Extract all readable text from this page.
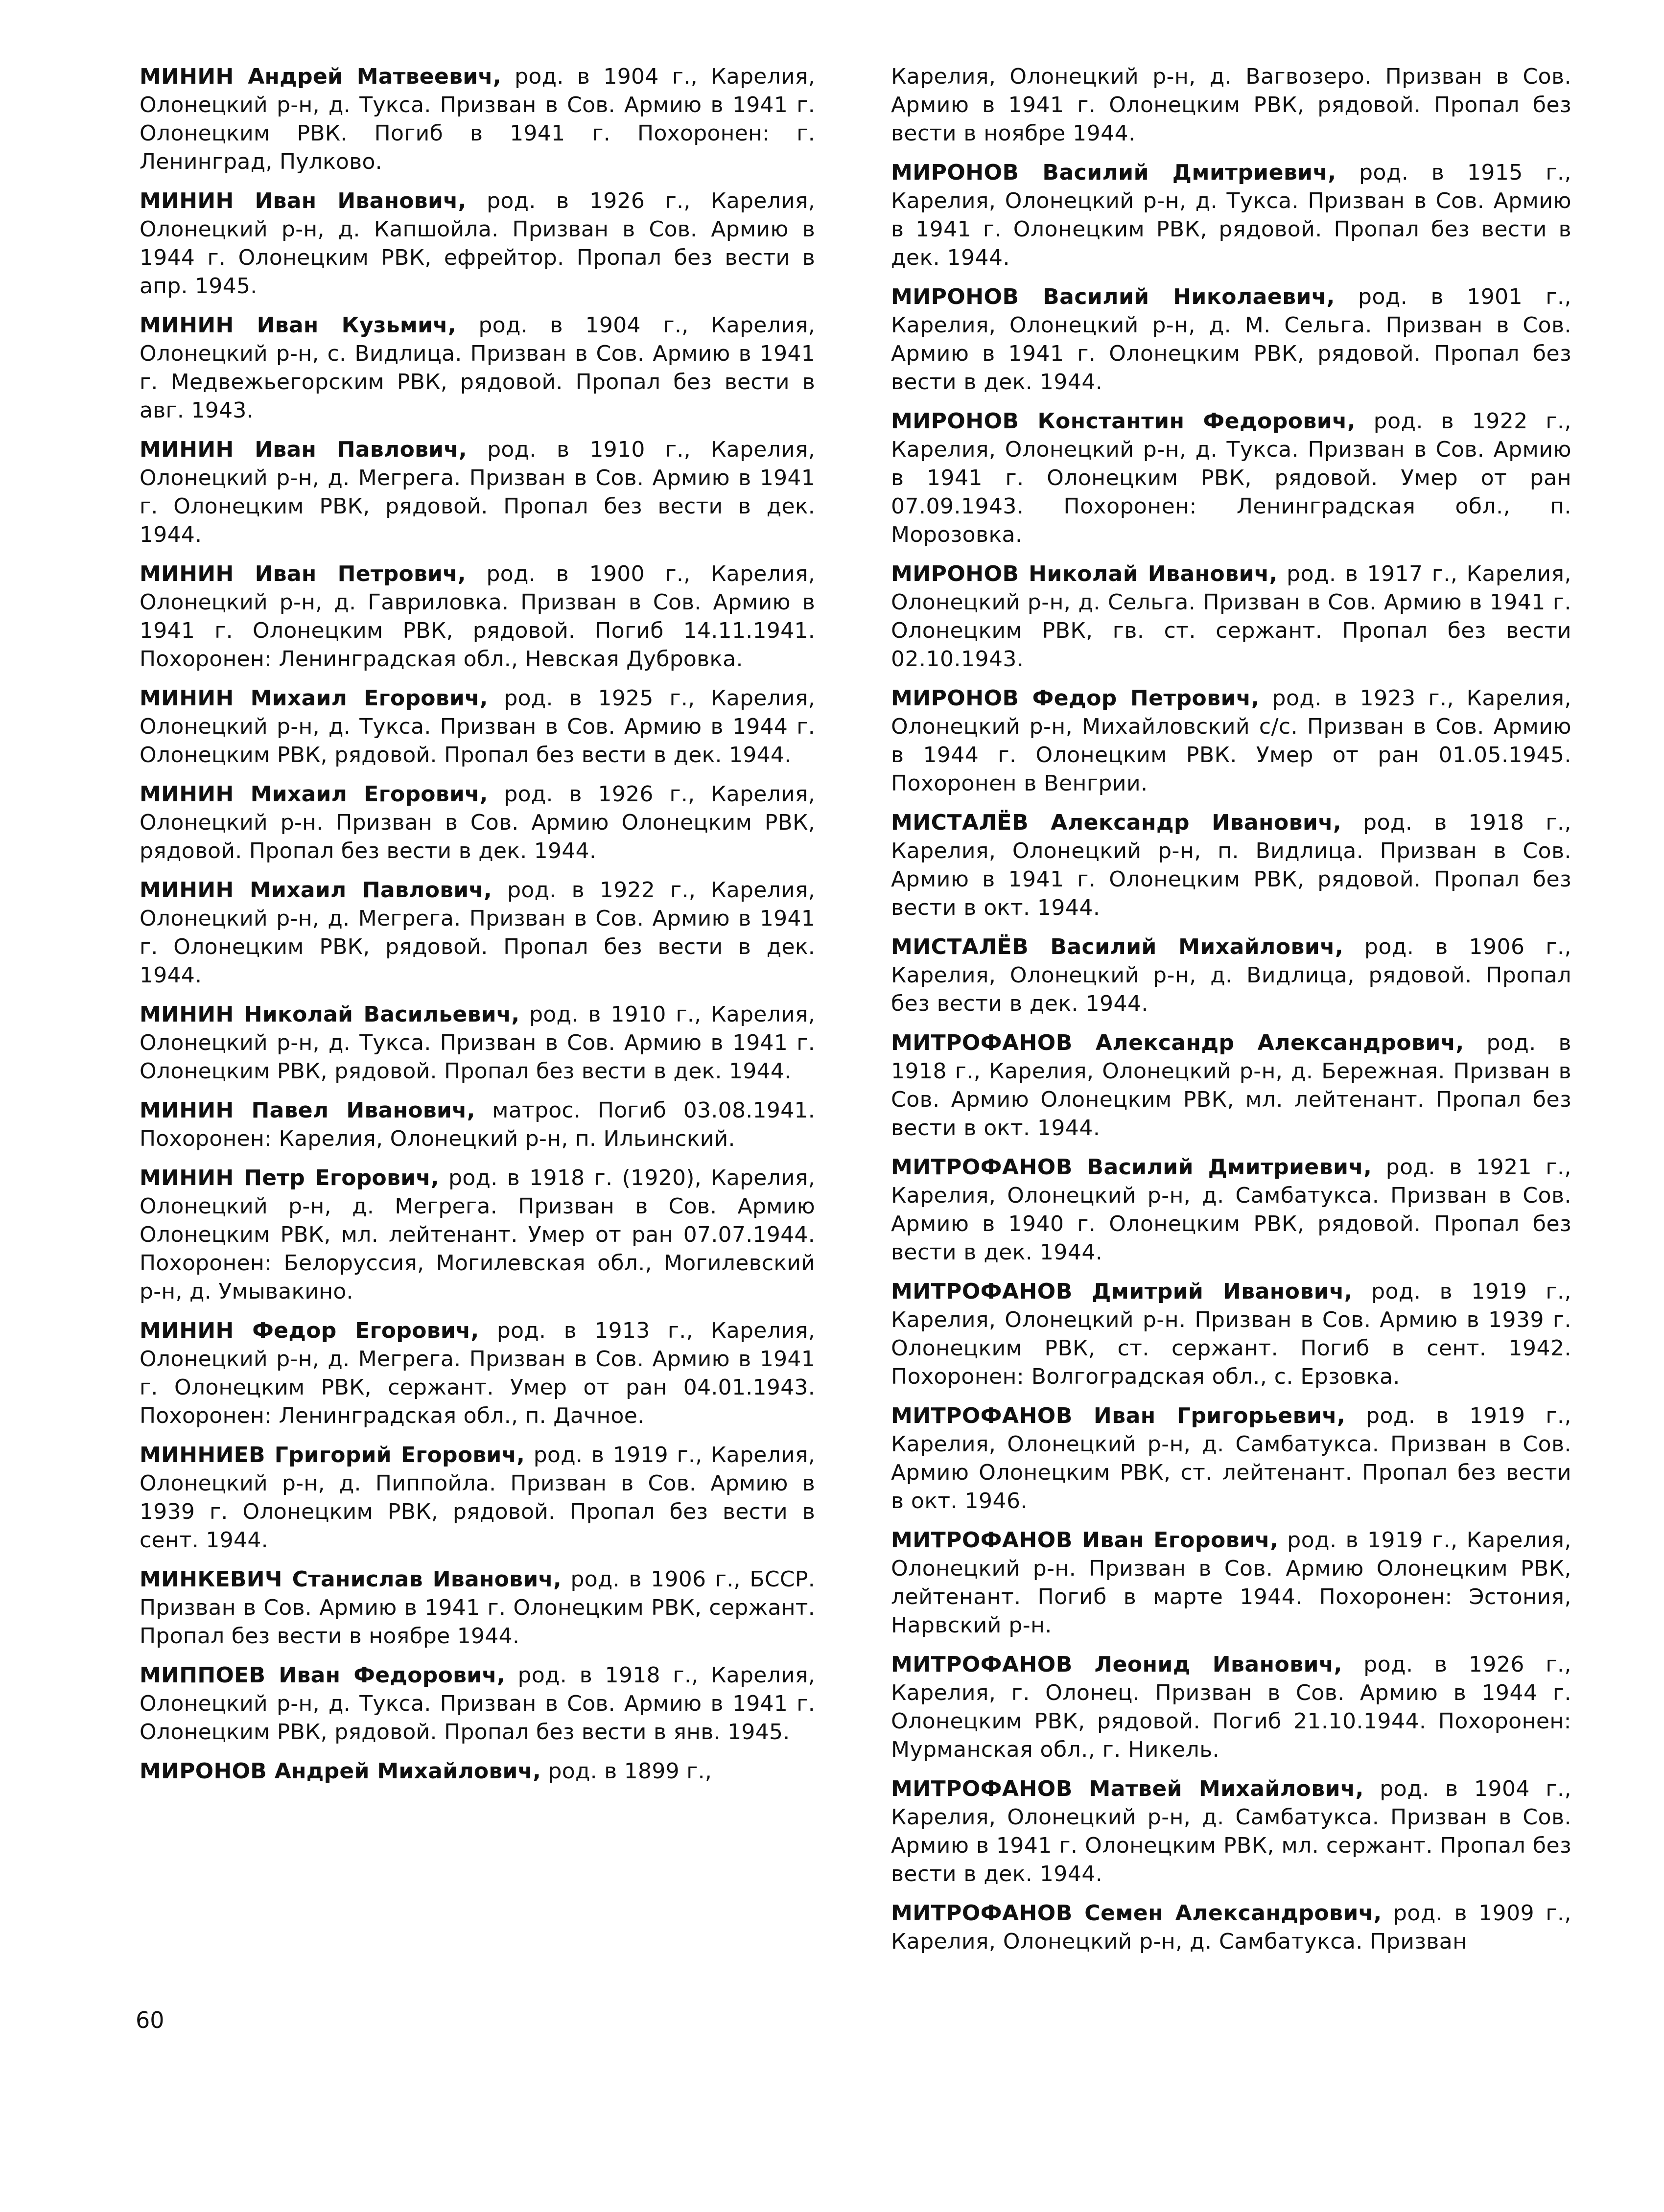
МИНИН Андрей Матвеевич, род. в 1904 г., Карелия, Олонецкий р-н, д. Тукса. Призван в Сов. Армию в 1941 г. Олонецким РВК. Погиб в 1941 г. Похоронен: г. Ленинград, Пулково.

МИНИН Иван Иванович, род. в 1926 г., Карелия, Олонецкий р-н, д. Капшойла. Призван в Сов. Армию в 1944 г. Олонецким РВК, ефрейтор. Пропал без вести в апр. 1945.

МИНИН Иван Кузьмич, род. в 1904 г., Карелия, Олонецкий р-н, с. Видлица. Призван в Сов. Армию в 1941 г. Медвежьегорским РВК, рядовой. Пропал без вести в авг. 1943.

МИНИН Иван Павлович, род. в 1910 г., Карелия, Олонецкий р-н, д. Мегрега. Призван в Сов. Армию в 1941 г. Олонецким РВК, рядовой. Пропал без вести в дек. 1944.

МИНИН Иван Петрович, род. в 1900 г., Карелия, Олонецкий р-н, д. Гавриловка. Призван в Сов. Армию в 1941 г. Олонецким РВК, рядовой. Погиб 14.11.1941. Похоронен: Ленинградская обл., Невская Дубровка.

МИНИН Михаил Егорович, род. в 1925 г., Карелия, Олонецкий р-н, д. Тукса. Призван в Сов. Армию в 1944 г. Олонецким РВК, рядовой. Пропал без вести в дек. 1944.

МИНИН Михаил Егорович, род. в 1926 г., Карелия, Олонецкий р-н. Призван в Сов. Армию Олонецким РВК, рядовой. Пропал без вести в дек. 1944.

МИНИН Михаил Павлович, род. в 1922 г., Карелия, Олонецкий р-н, д. Мегрега. Призван в Сов. Армию в 1941 г. Олонецким РВК, рядовой. Пропал без вести в дек. 1944.

МИНИН Николай Васильевич, род. в 1910 г., Карелия, Олонецкий р-н, д. Тукса. Призван в Сов. Армию в 1941 г. Олонецким РВК, рядовой. Пропал без вести в дек. 1944.

МИНИН Павел Иванович, матрос. Погиб 03.08.1941. Похоронен: Карелия, Олонецкий р-н, п. Ильинский.

МИНИН Петр Егорович, род. в 1918 г. (1920), Карелия, Олонецкий р-н, д. Мегрега. Призван в Сов. Армию Олонецким РВК, мл. лейтенант. Умер от ран 07.07.1944. Похоронен: Белоруссия, Могилевская обл., Могилевский р-н, д. Умывакино.

МИНИН Федор Егорович, род. в 1913 г., Карелия, Олонецкий р-н, д. Мегрега. Призван в Сов. Армию в 1941 г. Олонецким РВК, сержант. Умер от ран 04.01.1943. Похоронен: Ленинградская обл., п. Дачное.

МИННИЕВ Григорий Егорович, род. в 1919 г., Карелия, Олонецкий р-н, д. Пиппойла. Призван в Сов. Армию в 1939 г. Олонецким РВК, рядовой. Пропал без вести в сент. 1944.

МИНКЕВИЧ Станислав Иванович, род. в 1906 г., БССР. Призван в Сов. Армию в 1941 г. Олонецким РВК, сержант. Пропал без вести в ноябре 1944.

МИППОЕВ Иван Федорович, род. в 1918 г., Карелия, Олонецкий р-н, д. Тукса. Призван в Сов. Армию в 1941 г. Олонецким РВК, рядовой. Пропал без вести в янв. 1945.

МИРОНОВ Андрей Михайлович, род. в 1899 г.,

Карелия, Олонецкий р-н, д. Вагвозеро. Призван в Сов. Армию в 1941 г. Олонецким РВК, рядовой. Пропал без вести в ноябре 1944.

МИРОНОВ Василий Дмитриевич, род. в 1915 г., Карелия, Олонецкий р-н, д. Тукса. Призван в Сов. Армию в 1941 г. Олонецким РВК, рядовой. Пропал без вести в дек. 1944.

МИРОНОВ Василий Николаевич, род. в 1901 г., Карелия, Олонецкий р-н, д. М. Сельга. Призван в Сов. Армию в 1941 г. Олонецким РВК, рядовой. Пропал без вести в дек. 1944.

МИРОНОВ Константин Федорович, род. в 1922 г., Карелия, Олонецкий р-н, д. Тукса. Призван в Сов. Армию в 1941 г. Олонецким РВК, рядовой. Умер от ран 07.09.1943. Похоронен: Ленинградская обл., п. Морозовка.

МИРОНОВ Николай Иванович, род. в 1917 г., Карелия, Олонецкий р-н, д. Сельга. Призван в Сов. Армию в 1941 г. Олонецким РВК, гв. ст. сержант. Пропал без вести 02.10.1943.

МИРОНОВ Федор Петрович, род. в 1923 г., Карелия, Олонецкий р-н, Михайловский с/с. Призван в Сов. Армию в 1944 г. Олонецким РВК. Умер от ран 01.05.1945. Похоронен в Венгрии.

МИСТАЛЁВ Александр Иванович, род. в 1918 г., Карелия, Олонецкий р-н, п. Видлица. Призван в Сов. Армию в 1941 г. Олонецким РВК, рядовой. Пропал без вести в окт. 1944.

МИСТАЛЁВ Василий Михайлович, род. в 1906 г., Карелия, Олонецкий р-н, д. Видлица, рядовой. Пропал без вести в дек. 1944.

МИТРОФАНОВ Александр Александрович, род. в 1918 г., Карелия, Олонецкий р-н, д. Бережная. Призван в Сов. Армию Олонецким РВК, мл. лейтенант. Пропал без вести в окт. 1944.

МИТРОФАНОВ Василий Дмитриевич, род. в 1921 г., Карелия, Олонецкий р-н, д. Самбатукса. Призван в Сов. Армию в 1940 г. Олонецким РВК, рядовой. Пропал без вести в дек. 1944.

МИТРОФАНОВ Дмитрий Иванович, род. в 1919 г., Карелия, Олонецкий р-н. Призван в Сов. Армию в 1939 г. Олонецким РВК, ст. сержант. Погиб в сент. 1942. Похоронен: Волгоградская обл., с. Ерзовка.

МИТРОФАНОВ Иван Григорьевич, род. в 1919 г., Карелия, Олонецкий р-н, д. Самбатукса. Призван в Сов. Армию Олонецким РВК, ст. лейтенант. Пропал без вести в окт. 1946.

МИТРОФАНОВ Иван Егорович, род. в 1919 г., Карелия, Олонецкий р-н. Призван в Сов. Армию Олонецким РВК, лейтенант. Погиб в марте 1944. Похоронен: Эстония, Нарвский р-н.

МИТРОФАНОВ Леонид Иванович, род. в 1926 г., Карелия, г. Олонец. Призван в Сов. Армию в 1944 г. Олонецким РВК, рядовой. Погиб 21.10.1944. Похоронен: Мурманская обл., г. Никель.

МИТРОФАНОВ Матвей Михайлович, род. в 1904 г., Карелия, Олонецкий р-н, д. Самбатукса. Призван в Сов. Армию в 1941 г. Олонецким РВК, мл. сержант. Пропал без вести в дек. 1944.

МИТРОФАНОВ Семен Александрович, род. в 1909 г., Карелия, Олонецкий р-н, д. Самбатукса. Призван

60
